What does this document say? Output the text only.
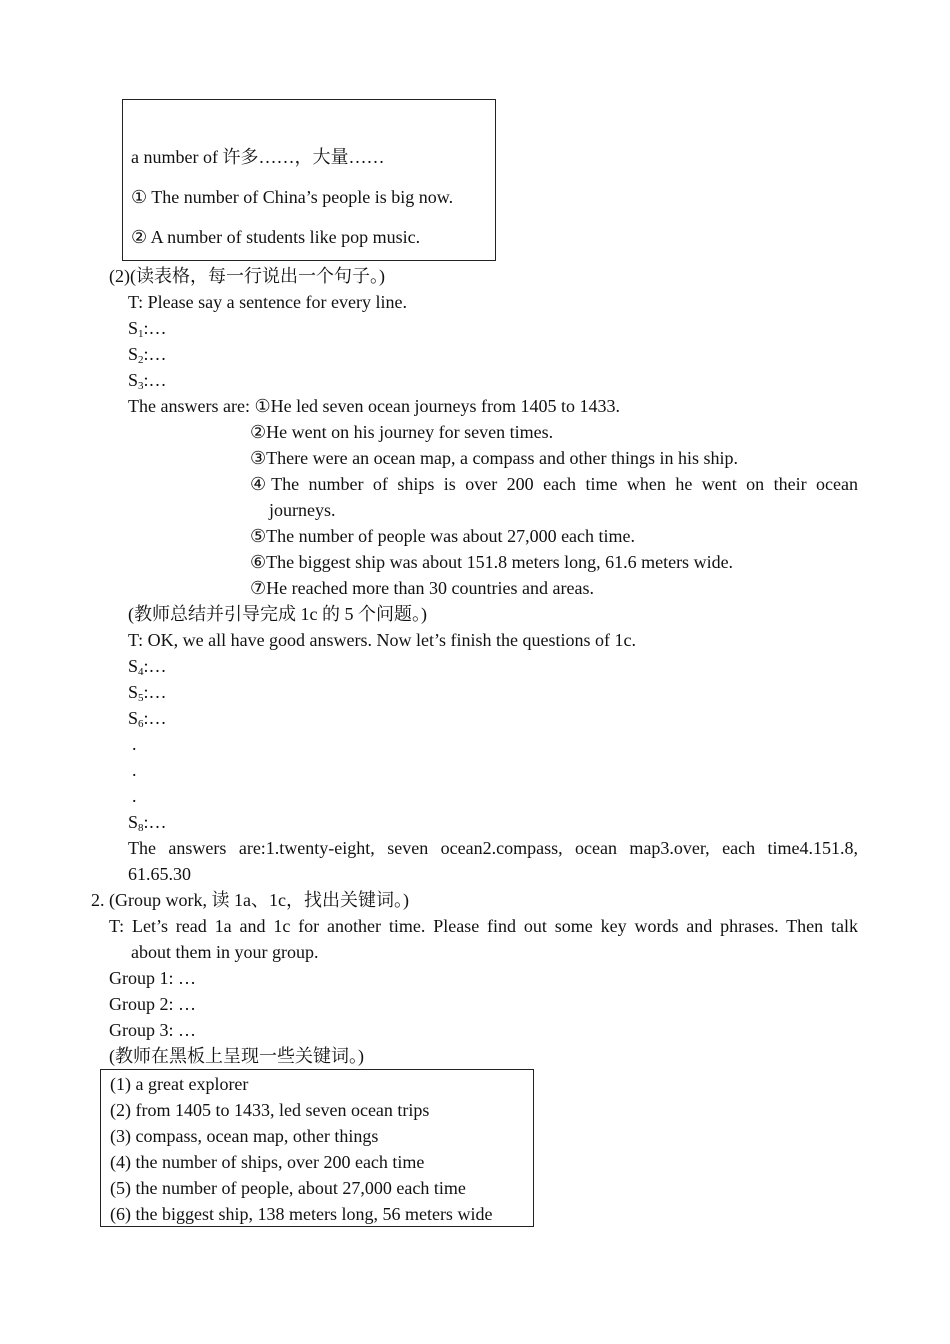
a number of 许多……，大量……
① The number of China’s people is big now.
② A number of students like pop music.
(2)(读表格，每一行说出一个句子。)
T: Please say a sentence for every line.
$S_1:\dots$
$S_2:\dots$
$S_3:\dots$
The answers are: ①He led seven ocean journeys from 1405 to 1433.
②He went on his journey for seven times.
③There were an ocean map, a compass and other things in his ship.
④The number of ships is over 200 each time when he went on their ocean
journeys.
⑤The number of people was about 27,000 each time.
⑥The biggest ship was about 151.8 meters long, 61.6 meters wide.
⑦He reached more than 30 countries and areas.
(教师总结并引导完成 1c 的 5 个问题。)
T: OK, we all have good answers. Now let’s finish the questions of 1c.
$S_4:\dots$
$S_5:\dots$
$S_6:\dots$
.
.
.
$S_8:\dots$
The answers are:1.twenty-eight, seven ocean2.compass, ocean map3.over, each time4.151.8,
61.65.30
2. (Group work, 读 1a、1c，找出关键词。)
T: Let’s read 1a and 1c for another time. Please find out some key words and phrases. Then talk
about them in your group.
Group 1: …
Group 2: …
Group 3: …
(教师在黑板上呈现一些关键词。)
(1) a great explorer
(2) from 1405 to 1433, led seven ocean trips
(3) compass, ocean map, other things
(4) the number of ships, over 200 each time
(5) the number of people, about 27,000 each time
(6) the biggest ship, 138 meters long, 56 meters wide
